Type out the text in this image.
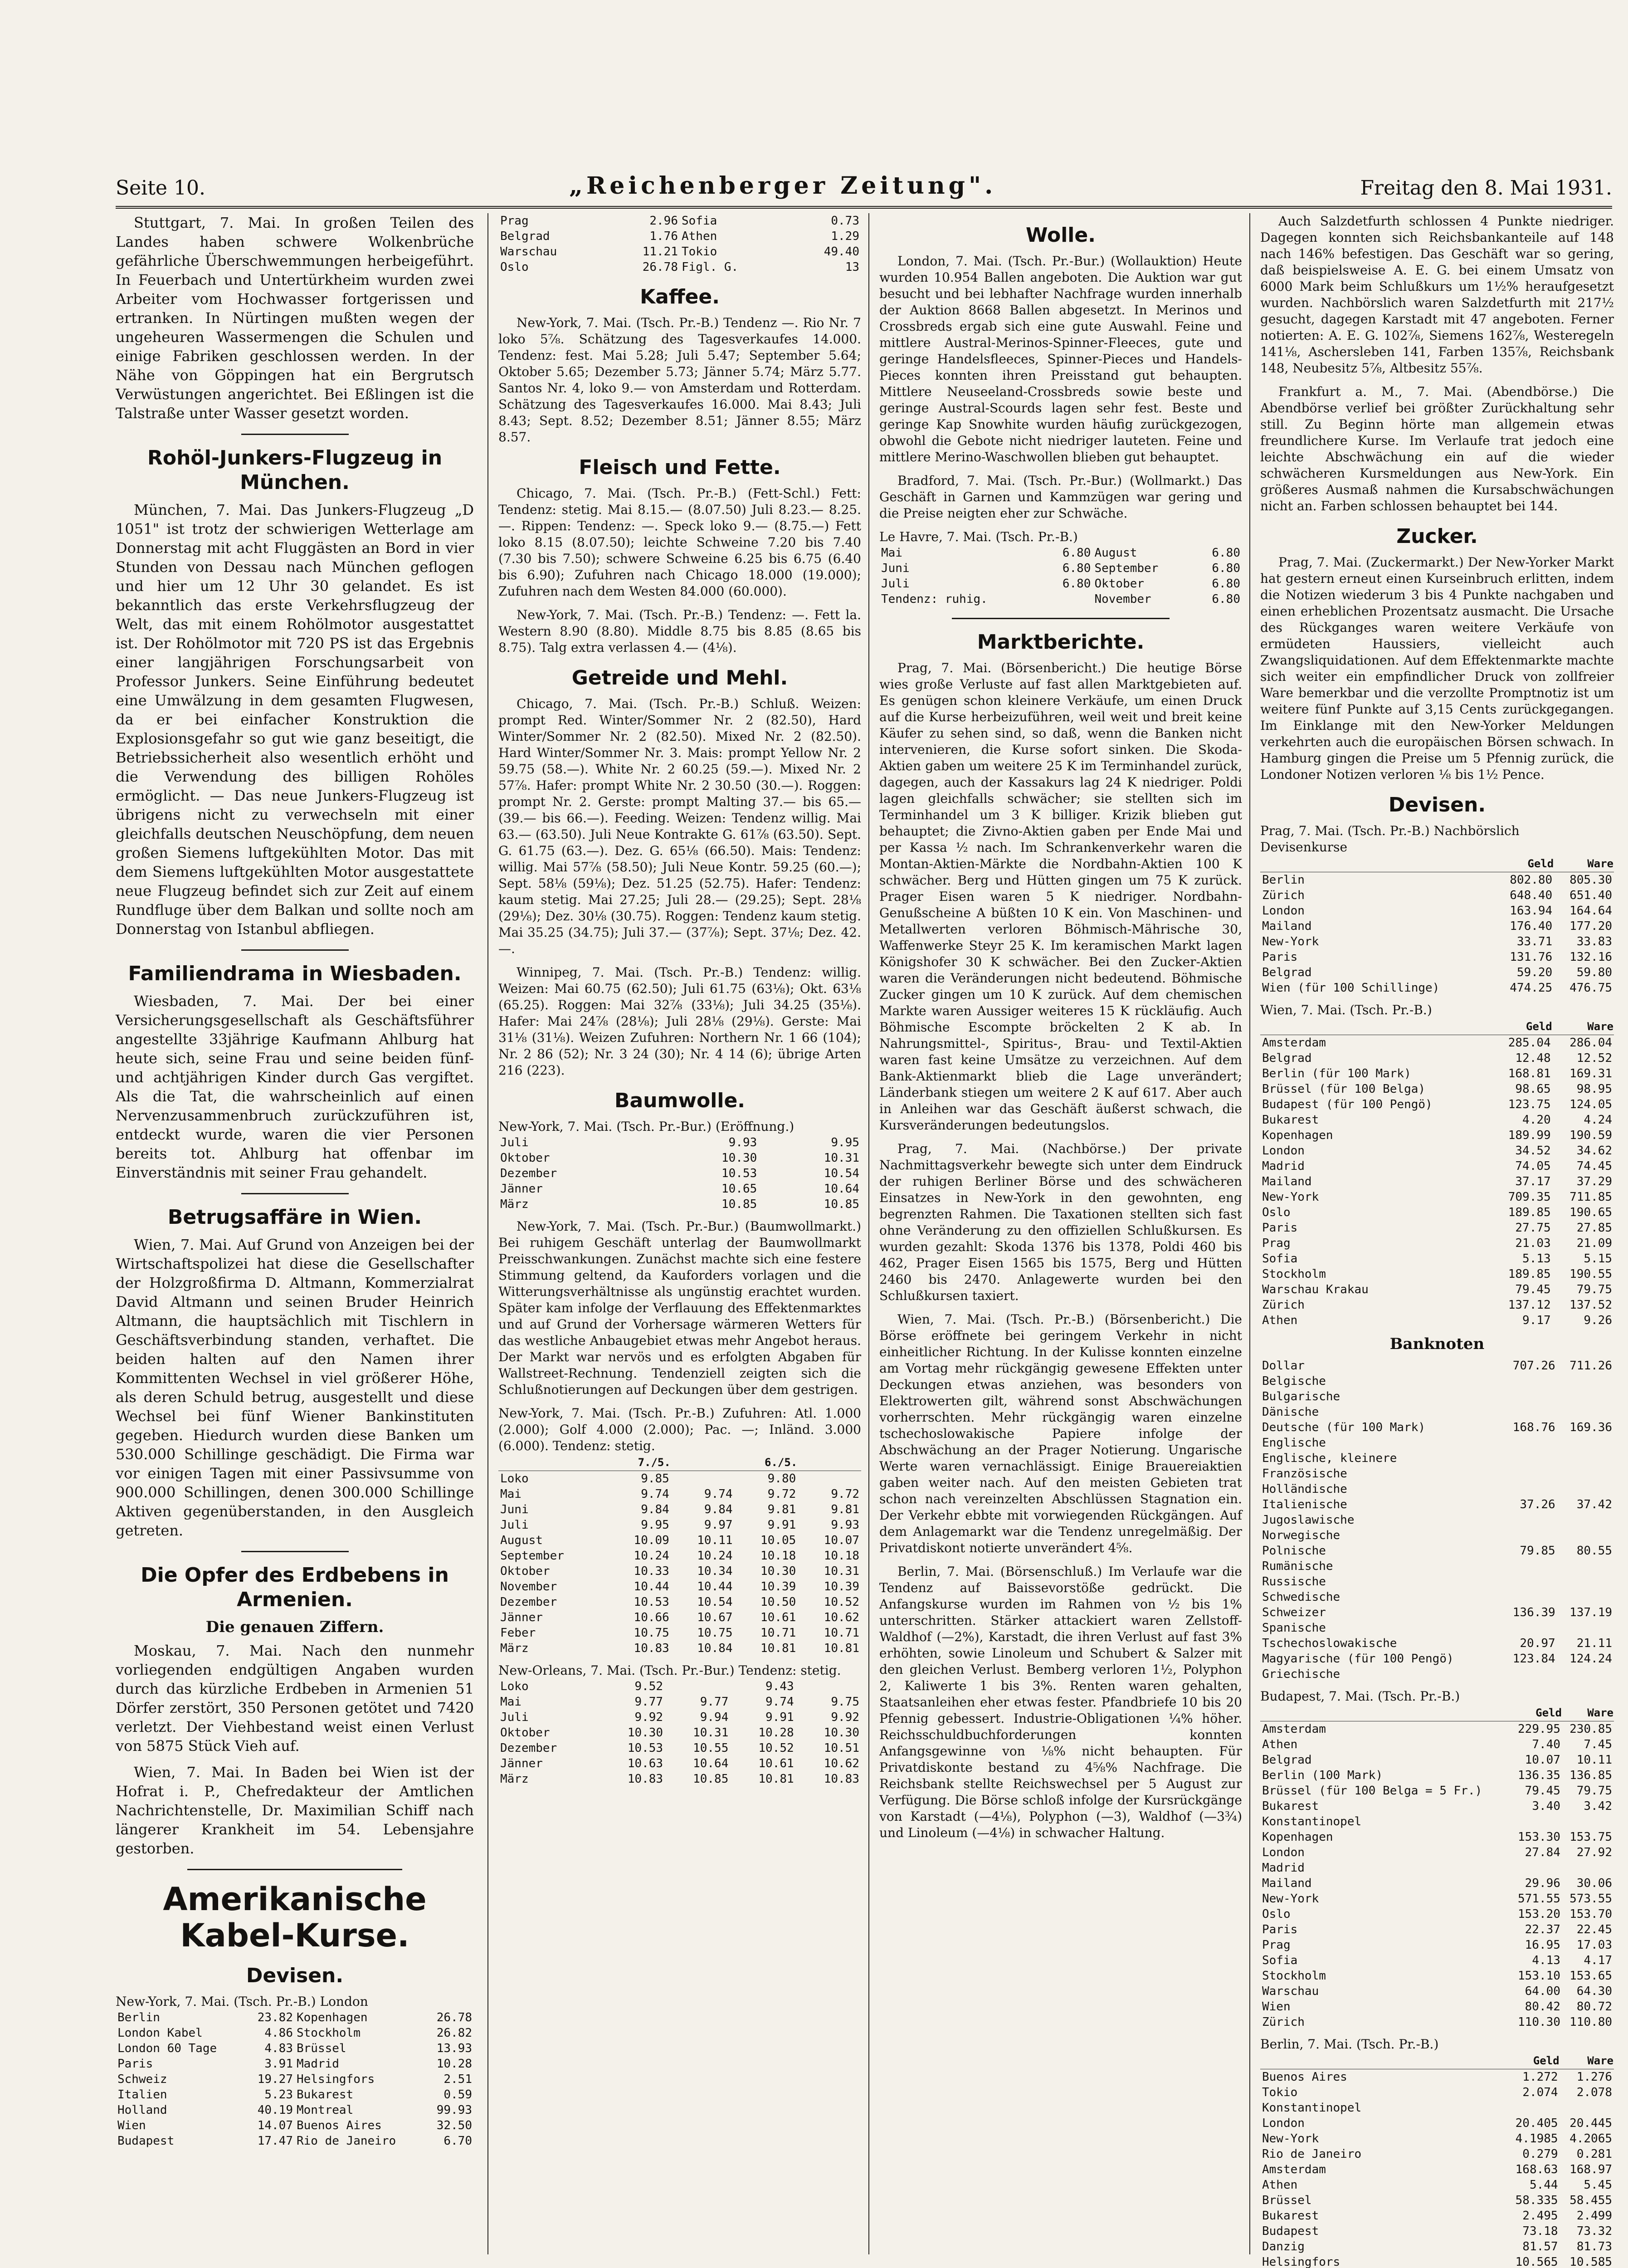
Seite 10.	„Reichenberger Zeitung".	Freitag den 8. Mai 1931.

Stuttgart, 7. Mai. In großen Teilen des Landes haben schwere Wolkenbrüche gefährliche Überschwemmungen herbeigeführt. In Feuerbach und Untertürkheim wurden zwei Arbeiter vom Hochwasser fortgerissen und ertranken. In Nürtingen mußten wegen der ungeheuren Wassermengen die Schulen und einige Fabriken geschlossen werden. In der Nähe von Göppingen hat ein Bergrutsch Verwüstungen angerichtet. Bei Eßlingen ist die Talstraße unter Wasser gesetzt worden.

Rohöl-Junkers-Flugzeug in München.

München, 7. Mai. Das Junkers-Flugzeug „D 1051" ist trotz der schwierigen Wetterlage am Donnerstag mit acht Fluggästen an Bord in vier Stunden von Dessau nach München geflogen und hier um 12 Uhr 30 gelandet. Es ist bekanntlich das erste Verkehrsflugzeug der Welt, das mit einem Rohölmotor ausgestattet ist. Der Rohölmotor mit 720 PS ist das Ergebnis einer langjährigen Forschungsarbeit von Professor Junkers. Seine Einführung bedeutet eine Umwälzung in dem gesamten Flugwesen, da er bei einfacher Konstruktion die Explosionsgefahr so gut wie ganz beseitigt, die Betriebssicherheit also wesentlich erhöht und die Verwendung des billigen Rohöles ermöglicht. — Das neue Junkers-Flugzeug ist übrigens nicht zu verwechseln mit einer gleichfalls deutschen Neuschöpfung, dem neuen großen Siemens luftgekühlten Motor. Das mit dem Siemens luftgekühlten Motor ausgestattete neue Flugzeug befindet sich zur Zeit auf einem Rundfluge über dem Balkan und sollte noch am Donnerstag von Istanbul abfliegen.

Familiendrama in Wiesbaden.

Wiesbaden, 7. Mai. Der bei einer Versicherungsgesellschaft als Geschäftsführer angestellte 33jährige Kaufmann Ahlburg hat heute sich, seine Frau und seine beiden fünf- und achtjährigen Kinder durch Gas vergiftet. Als die Tat, die wahrscheinlich auf einen Nervenzusammenbruch zurückzuführen ist, entdeckt wurde, waren die vier Personen bereits tot. Ahlburg hat offenbar im Einverständnis mit seiner Frau gehandelt.

Betrugsaffäre in Wien.

Wien, 7. Mai. Auf Grund von Anzeigen bei der Wirtschaftspolizei hat diese die Gesellschafter der Holzgroßfirma D. Altmann, Kommerzialrat David Altmann und seinen Bruder Heinrich Altmann, die hauptsächlich mit Tischlern in Geschäftsverbindung standen, verhaftet. Die beiden halten auf den Namen ihrer Kommittenten Wechsel in viel größerer Höhe, als deren Schuld betrug, ausgestellt und diese Wechsel bei fünf Wiener Bankinstituten gegeben. Hiedurch wurden diese Banken um 530.000 Schillinge geschädigt. Die Firma war vor einigen Tagen mit einer Passivsumme von 900.000 Schillingen, denen 300.000 Schillinge Aktiven gegenüberstanden, in den Ausgleich getreten.

Die Opfer des Erdbebens in Armenien.
Die genauen Ziffern.

Moskau, 7. Mai. Nach den nunmehr vorliegenden endgültigen Angaben wurden durch das kürzliche Erdbeben in Armenien 51 Dörfer zerstört, 350 Personen getötet und 7420 verletzt. Der Viehbestand weist einen Verlust von 5875 Stück Vieh auf.

Wien, 7. Mai. In Baden bei Wien ist der Hofrat i. P., Chefredakteur der Amtlichen Nachrichtenstelle, Dr. Maximilian Schiff nach längerer Krankheit im 54. Lebensjahre gestorben.

Amerikanische Kabel-Kurse.
Devisen.
New-York, 7. Mai. (Tsch. Pr.-B.) London
Berlin	23.82	Kopenhagen	26.78
London Kabel	4.86	Stockholm	26.82
London 60 Tage	4.83	Brüssel	13.93
Paris	3.91	Madrid	10.28
Schweiz	19.27	Helsingfors	2.51
Italien	5.23	Bukarest	0.59
Holland	40.19	Montreal	99.93
Wien	14.07	Buenos Aires	32.50
Budapest	17.47	Rio de Janeiro	6.70
Prag	2.96	Sofia	0.73
Belgrad	1.76	Athen	1.29
Warschau	11.21	Tokio	49.40
Oslo	26.78	Figl. G.	13
Kaffee.

New-York, 7. Mai. (Tsch. Pr.-B.) Tendenz —. Rio Nr. 7 loko 5⅞. Schätzung des Tagesverkaufes 14.000. Tendenz: fest. Mai 5.28; Juli 5.47; September 5.64; Oktober 5.65; Dezember 5.73; Jänner 5.74; März 5.77. Santos Nr. 4, loko 9.— von Amsterdam und Rotterdam. Schätzung des Tagesverkaufes 16.000. Mai 8.43; Juli 8.43; Sept. 8.52; Dezember 8.51; Jänner 8.55; März 8.57.

Fleisch und Fette.

Chicago, 7. Mai. (Tsch. Pr.-B.) (Fett-Schl.) Fett: Tendenz: stetig. Mai 8.15.— (8.07.50) Juli 8.23.— 8.25.—. Rippen: Tendenz: —. Speck loko 9.— (8.75.—) Fett loko 8.15 (8.07.50); leichte Schweine 7.20 bis 7.40 (7.30 bis 7.50); schwere Schweine 6.25 bis 6.75 (6.40 bis 6.90); Zufuhren nach Chicago 18.000 (19.000); Zufuhren nach dem Westen 84.000 (60.000).

New-York, 7. Mai. (Tsch. Pr.-B.) Tendenz: —. Fett la. Western 8.90 (8.80). Middle 8.75 bis 8.85 (8.65 bis 8.75). Talg extra verlassen 4.— (4⅛).

Getreide und Mehl.

Chicago, 7. Mai. (Tsch. Pr.-B.) Schluß. Weizen: prompt Red. Winter/Sommer Nr. 2 (82.50), Hard Winter/Sommer Nr. 2 (82.50). Mixed Nr. 2 (82.50). Hard Winter/Sommer Nr. 3. Mais: prompt Yellow Nr. 2 59.75 (58.—). White Nr. 2 60.25 (59.—). Mixed Nr. 2 57⅞. Hafer: prompt White Nr. 2 30.50 (30.—). Roggen: prompt Nr. 2. Gerste: prompt Malting 37.— bis 65.— (39.— bis 66.—). Feeding. Weizen: Tendenz willig. Mai 63.— (63.50). Juli Neue Kontrakte G. 61⅞ (63.50). Sept. G. 61.75 (63.—). Dez. G. 65⅛ (66.50). Mais: Tendenz: willig. Mai 57⅞ (58.50); Juli Neue Kontr. 59.25 (60.—); Sept. 58⅛ (59⅛); Dez. 51.25 (52.75). Hafer: Tendenz: kaum stetig. Mai 27.25; Juli 28.— (29.25); Sept. 28⅛ (29⅛); Dez. 30⅛ (30.75). Roggen: Tendenz kaum stetig. Mai 35.25 (34.75); Juli 37.— (37⅞); Sept. 37⅛; Dez. 42.—.

Winnipeg, 7. Mai. (Tsch. Pr.-B.) Tendenz: willig. Weizen: Mai 60.75 (62.50); Juli 61.75 (63⅛); Okt. 63⅛ (65.25). Roggen: Mai 32⅞ (33⅛); Juli 34.25 (35⅛). Hafer: Mai 24⅞ (28⅛); Juli 28⅛ (29⅛). Gerste: Mai 31⅛ (31⅛). Weizen Zufuhren: Northern Nr. 1 66 (104); Nr. 2 86 (52); Nr. 3 24 (30); Nr. 4 14 (6); übrige Arten 216 (223).

Baumwolle.
New-York, 7. Mai. (Tsch. Pr.-Bur.) (Eröffnung.)
Juli	9.93	9.95
Oktober	10.30	10.31
Dezember	10.53	10.54
Jänner	10.65	10.64
März	10.85	10.85

New-York, 7. Mai. (Tsch. Pr.-Bur.) (Baumwollmarkt.) Bei ruhigem Geschäft unterlag der Baumwollmarkt Preisschwankungen. Zunächst machte sich eine festere Stimmung geltend, da Kauforders vorlagen und die Witterungsverhältnisse als ungünstig erachtet wurden. Später kam infolge der Verflauung des Effektenmarktes und auf Grund der Vorhersage wärmeren Wetters für das westliche Anbaugebiet etwas mehr Angebot heraus. Der Markt war nervös und es erfolgten Abgaben für Wallstreet-Rechnung. Tendenziell zeigten sich die Schlußnotierungen auf Deckungen über dem gestrigen.

New-York, 7. Mai. (Tsch. Pr.-B.) Zufuhren: Atl. 1.000 (2.000); Golf 4.000 (2.000); Pac. —; Inländ. 3.000 (6.000). Tendenz: stetig.
	7./5.		6./5.	
Loko	9.85		9.80	
Mai	9.74	9.74	9.72	9.72
Juni	9.84	9.84	9.81	9.81
Juli	9.95	9.97	9.91	9.93
August	10.09	10.11	10.05	10.07
September	10.24	10.24	10.18	10.18
Oktober	10.33	10.34	10.30	10.31
November	10.44	10.44	10.39	10.39
Dezember	10.53	10.54	10.50	10.52
Jänner	10.66	10.67	10.61	10.62
Feber	10.75	10.75	10.71	10.71
März	10.83	10.84	10.81	10.81
New-Orleans, 7. Mai. (Tsch. Pr.-Bur.) Tendenz: stetig.
Loko	9.52		9.43	
Mai	9.77	9.77	9.74	9.75
Juli	9.92	9.94	9.91	9.92
Oktober	10.30	10.31	10.28	10.30
Dezember	10.53	10.55	10.52	10.51
Jänner	10.63	10.64	10.61	10.62
März	10.83	10.85	10.81	10.83
Wolle.

London, 7. Mai. (Tsch. Pr.-Bur.) (Wollauktion) Heute wurden 10.954 Ballen angeboten. Die Auktion war gut besucht und bei lebhafter Nachfrage wurden innerhalb der Auktion 8668 Ballen abgesetzt. In Merinos und Crossbreds ergab sich eine gute Auswahl. Feine und mittlere Austral-Merinos-Spinner-Fleeces, gute und geringe Handelsfleeces, Spinner-Pieces und Handels-Pieces konnten ihren Preisstand gut behaupten. Mittlere Neuseeland-Crossbreds sowie beste und geringe Austral-Scourds lagen sehr fest. Beste und geringe Kap Snowhite wurden häufig zurückgezogen, obwohl die Gebote nicht niedriger lauteten. Feine und mittlere Merino-Waschwollen blieben gut behauptet.

Bradford, 7. Mai. (Tsch. Pr.-Bur.) (Wollmarkt.) Das Geschäft in Garnen und Kammzügen war gering und die Preise neigten eher zur Schwäche.

Le Havre, 7. Mai. (Tsch. Pr.-B.)
Mai	6.80	August	6.80
Juni	6.80	September	6.80
Juli	6.80	Oktober	6.80
Tendenz: ruhig.		November	6.80
Marktberichte.

Prag, 7. Mai. (Börsenbericht.) Die heutige Börse wies große Verluste auf fast allen Marktgebieten auf. Es genügen schon kleinere Verkäufe, um einen Druck auf die Kurse herbeizuführen, weil weit und breit keine Käufer zu sehen sind, so daß, wenn die Banken nicht intervenieren, die Kurse sofort sinken. Die Skoda-Aktien gaben um weitere 25 K im Terminhandel zurück, dagegen, auch der Kassakurs lag 24 K niedriger. Poldi lagen gleichfalls schwächer; sie stellten sich im Terminhandel um 3 K billiger. Krizik blieben gut behauptet; die Zivno-Aktien gaben per Ende Mai und per Kassa ½ nach. Im Schrankenverkehr waren die Montan-Aktien-Märkte die Nordbahn-Aktien 100 K schwächer. Berg und Hütten gingen um 75 K zurück. Prager Eisen waren 5 K niedriger. Nordbahn-Genußscheine A büßten 10 K ein. Von Maschinen- und Metallwerten verloren Böhmisch-Mährische 30, Waffenwerke Steyr 25 K. Im keramischen Markt lagen Königshofer 30 K schwächer. Bei den Zucker-Aktien waren die Veränderungen nicht bedeutend. Böhmische Zucker gingen um 10 K zurück. Auf dem chemischen Markte waren Aussiger weiteres 15 K rückläufig. Auch Böhmische Escompte bröckelten 2 K ab. In Nahrungsmittel-, Spiritus-, Brau- und Textil-Aktien waren fast keine Umsätze zu verzeichnen. Auf dem Bank-Aktienmarkt blieb die Lage unverändert; Länderbank stiegen um weitere 2 K auf 617. Aber auch in Anleihen war das Geschäft äußerst schwach, die Kursveränderungen bedeutungslos.

Prag, 7. Mai. (Nachbörse.) Der private Nachmittagsverkehr bewegte sich unter dem Eindruck der ruhigen Berliner Börse und des schwächeren Einsatzes in New-York in den gewohnten, eng begrenzten Rahmen. Die Taxationen stellten sich fast ohne Veränderung zu den offiziellen Schlußkursen. Es wurden gezahlt: Skoda 1376 bis 1378, Poldi 460 bis 462, Prager Eisen 1565 bis 1575, Berg und Hütten 2460 bis 2470. Anlagewerte wurden bei den Schlußkursen taxiert.

Wien, 7. Mai. (Tsch. Pr.-B.) (Börsenbericht.) Die Börse eröffnete bei geringem Verkehr in nicht einheitlicher Richtung. In der Kulisse konnten einzelne am Vortag mehr rückgängig gewesene Effekten unter Deckungen etwas anziehen, was besonders von Elektrowerten gilt, während sonst Abschwächungen vorherrschten. Mehr rückgängig waren einzelne tschechoslowakische Papiere infolge der Abschwächung an der Prager Notierung. Ungarische Werte waren vernachlässigt. Einige Brauereiaktien gaben weiter nach. Auf den meisten Gebieten trat schon nach vereinzelten Abschlüssen Stagnation ein. Der Verkehr ebbte mit vorwiegenden Rückgängen. Auf dem Anlagemarkt war die Tendenz unregelmäßig. Der Privatdiskont notierte unverändert 4⅝.

Berlin, 7. Mai. (Börsenschluß.) Im Verlaufe war die Tendenz auf Baissevorstöße gedrückt. Die Anfangskurse wurden im Rahmen von ½ bis 1% unterschritten. Stärker attackiert waren Zellstoff-Waldhof (—2%), Karstadt, die ihren Verlust auf fast 3% erhöhten, sowie Linoleum und Schubert & Salzer mit den gleichen Verlust. Bemberg verloren 1½, Polyphon 2, Kaliwerte 1 bis 3%. Renten waren gehalten, Staatsanleihen eher etwas fester. Pfandbriefe 10 bis 20 Pfennig gebessert. Industrie-Obligationen ¼% höher. Reichsschuldbuchforderungen konnten Anfangsgewinne von ⅛% nicht behaupten. Für Privatdiskonte bestand zu 4⅝% Nachfrage. Die Reichsbank stellte Reichswechsel per 5 August zur Verfügung. Die Börse schloß infolge der Kursrückgänge von Karstadt (—4⅛), Polyphon (—3), Waldhof (—3¾) und Linoleum (—4⅛) in schwacher Haltung.

Auch Salzdetfurth schlossen 4 Punkte niedriger. Dagegen konnten sich Reichsbankanteile auf 148 nach 146% befestigen. Das Geschäft war so gering, daß beispielsweise A. E. G. bei einem Umsatz von 6000 Mark beim Schlußkurs um 1½% heraufgesetzt wurden. Nachbörslich waren Salzdetfurth mit 217½ gesucht, dagegen Karstadt mit 47 angeboten. Ferner notierten: A. E. G. 102⅞, Siemens 162⅞, Westeregeln 141⅛, Aschersleben 141, Farben 135⅞, Reichsbank 148, Neubesitz 5⅞, Altbesitz 55⅞.

Frankfurt a. M., 7. Mai. (Abendbörse.) Die Abendbörse verlief bei größter Zurückhaltung sehr still. Zu Beginn hörte man allgemein etwas freundlichere Kurse. Im Verlaufe trat jedoch eine leichte Abschwächung ein auf die wieder schwächeren Kursmeldungen aus New-York. Ein größeres Ausmaß nahmen die Kursabschwächungen nicht an. Farben schlossen behauptet bei 144.

Zucker.

Prag, 7. Mai. (Zuckermarkt.) Der New-Yorker Markt hat gestern erneut einen Kurseinbruch erlitten, indem die Notizen wiederum 3 bis 4 Punkte nachgaben und einen erheblichen Prozentsatz ausmacht. Die Ursache des Rückganges waren weitere Verkäufe von ermüdeten Haussiers, vielleicht auch Zwangsliquidationen. Auf dem Effektenmarkte machte sich weiter ein empfindlicher Druck von zollfreier Ware bemerkbar und die verzollte Promptnotiz ist um weitere fünf Punkte auf 3,15 Cents zurückgegangen. Im Einklange mit den New-Yorker Meldungen verkehrten auch die europäischen Börsen schwach. In Hamburg gingen die Preise um 5 Pfennig zurück, die Londoner Notizen verloren ⅛ bis 1½ Pence.

Devisen.
Prag, 7. Mai. (Tsch. Pr.-B.) Nachbörslich
Devisenkurse
	Geld	Ware
Berlin	802.80	805.30
Zürich	648.40	651.40
London	163.94	164.64
Mailand	176.40	177.20
New-York	33.71	33.83
Paris	131.76	132.16
Belgrad	59.20	59.80
Wien (für 100 Schillinge)	474.25	476.75
Wien, 7. Mai. (Tsch. Pr.-B.)
	Geld	Ware
Amsterdam	285.04	286.04
Belgrad	12.48	12.52
Berlin (für 100 Mark)	168.81	169.31
Brüssel (für 100 Belga)	98.65	98.95
Budapest (für 100 Pengö)	123.75	124.05
Bukarest	4.20	4.24
Kopenhagen	189.99	190.59
London	34.52	34.62
Madrid	74.05	74.45
Mailand	37.17	37.29
New-York	709.35	711.85
Oslo	189.85	190.65
Paris	27.75	27.85
Prag	21.03	21.09
Sofia	5.13	5.15
Stockholm	189.85	190.55
Warschau Krakau	79.45	79.75
Zürich	137.12	137.52
Athen	9.17	9.26
Banknoten
Dollar	707.26	711.26
Belgische		
Bulgarische		
Dänische		
Deutsche (für 100 Mark)	168.76	169.36
Englische		
Englische, kleinere		
Französische		
Holländische		
Italienische	37.26	37.42
Jugoslawische		
Norwegische		
Polnische	79.85	80.55
Rumänische		
Russische		
Schwedische		
Schweizer	136.39	137.19
Spanische		
Tschechoslowakische	20.97	21.11
Magyarische (für 100 Pengö)	123.84	124.24
Griechische		
Budapest, 7. Mai. (Tsch. Pr.-B.)
	Geld	Ware
Amsterdam	229.95	230.85
Athen	7.40	7.45
Belgrad	10.07	10.11
Berlin (100 Mark)	136.35	136.85
Brüssel (für 100 Belga = 5 Fr.)	79.45	79.75
Bukarest	3.40	3.42
Konstantinopel		
Kopenhagen	153.30	153.75
London	27.84	27.92
Madrid		
Mailand	29.96	30.06
New-York	571.55	573.55
Oslo	153.20	153.70
Paris	22.37	22.45
Prag	16.95	17.03
Sofia	4.13	4.17
Stockholm	153.10	153.65
Warschau	64.00	64.30
Wien	80.42	80.72
Zürich	110.30	110.80
Berlin, 7. Mai. (Tsch. Pr.-B.)
	Geld	Ware
Buenos Aires	1.272	1.276
Tokio	2.074	2.078
Konstantinopel		
London	20.405	20.445
New-York	4.1985	4.2065
Rio de Janeiro	0.279	0.281
Amsterdam	168.63	168.97
Athen	5.44	5.45
Brüssel	58.335	58.455
Bukarest	2.495	2.499
Budapest	73.18	73.32
Danzig	81.57	81.73
Helsingfors	10.565	10.585
